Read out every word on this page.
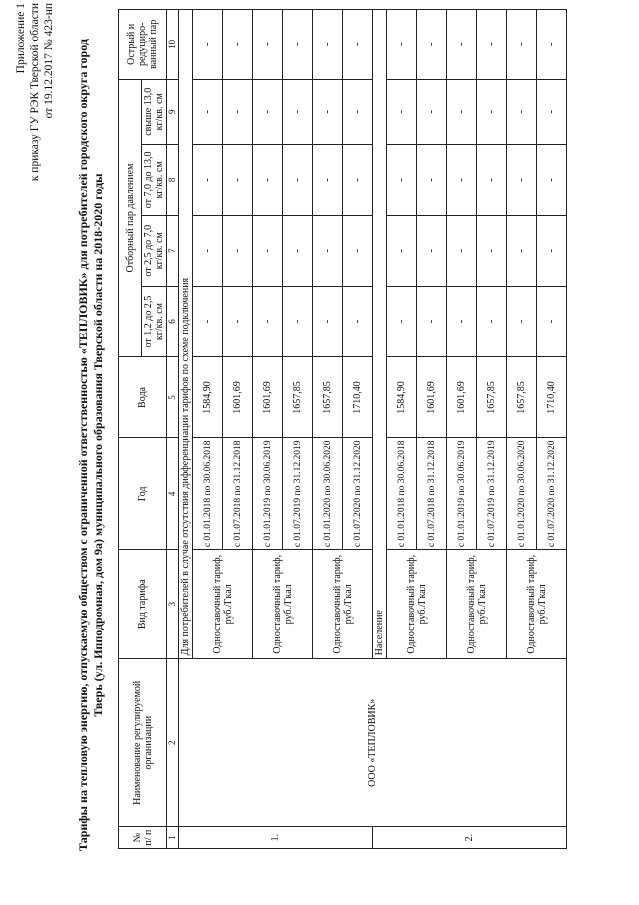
Приложение 1 к приказу ГУ РЭК Тверской области от 19.12.2017 № 423-нп Тарифы на тепловую энергию, отпускаемую обществом с ограниченной ответственностью «ТЕПЛОВИК» для потребителей городского округа город Тверь (ул. Ипподромная, дом 9а) муниципального образования Тверской области на 2018-2020 годы
№ п/ п	Наименование регулируемой организации	Вид тарифа	Год	Вода	Отборный пар давлением				Острый и редуциро-ванный пар
					от 1,2 до 2,5 кг/кв. см	от 2,5 до 7,0 кг/кв. см	от 7,0 до 13,0 кг/кв. см	свыше 13,0 кг/кв. см	
1	2	3	4	5	6	7	8	9	10
1.	ООО «ТЕПЛОВИК»	Для потребителей в случае отсутствия дифференциации тарифов по схеме подключения							
		Одноставочный тариф, руб./Гкал	с 01.01.2018 по 30.06.2018	1584,90	-	-	-	-	-
			с 01.07.2018 по 31.12.2018	1601,69	-	-	-	-	-
		Одноставочный тариф, руб./Гкал	с 01.01.2019 по 30.06.2019	1601,69	-	-	-	-	-
			с 01.07.2019 по 31.12.2019	1657,85	-	-	-	-	-
		Одноставочный тариф, руб./Гкал	с 01.01.2020 по 30.06.2020	1657,85	-	-	-	-	-
			с 01.07.2020 по 31.12.2020	1710,40	-	-	-	-	-
2.		Население							
		Одноставочный тариф, руб./Гкал	с 01.01.2018 по 30.06.2018	1584,90	-	-	-	-	-
			с 01.07.2018 по 31.12.2018	1601,69	-	-	-	-	-
		Одноставочный тариф, руб./Гкал	с 01.01.2019 по 30.06.2019	1601,69	-	-	-	-	-
			с 01.07.2019 по 31.12.2019	1657,85	-	-	-	-	-
		Одноставочный тариф, руб./Гкал	с 01.01.2020 по 30.06.2020	1657,85	-	-	-	-	-
			с 01.07.2020 по 31.12.2020	1710,40	-	-	-	-	-
